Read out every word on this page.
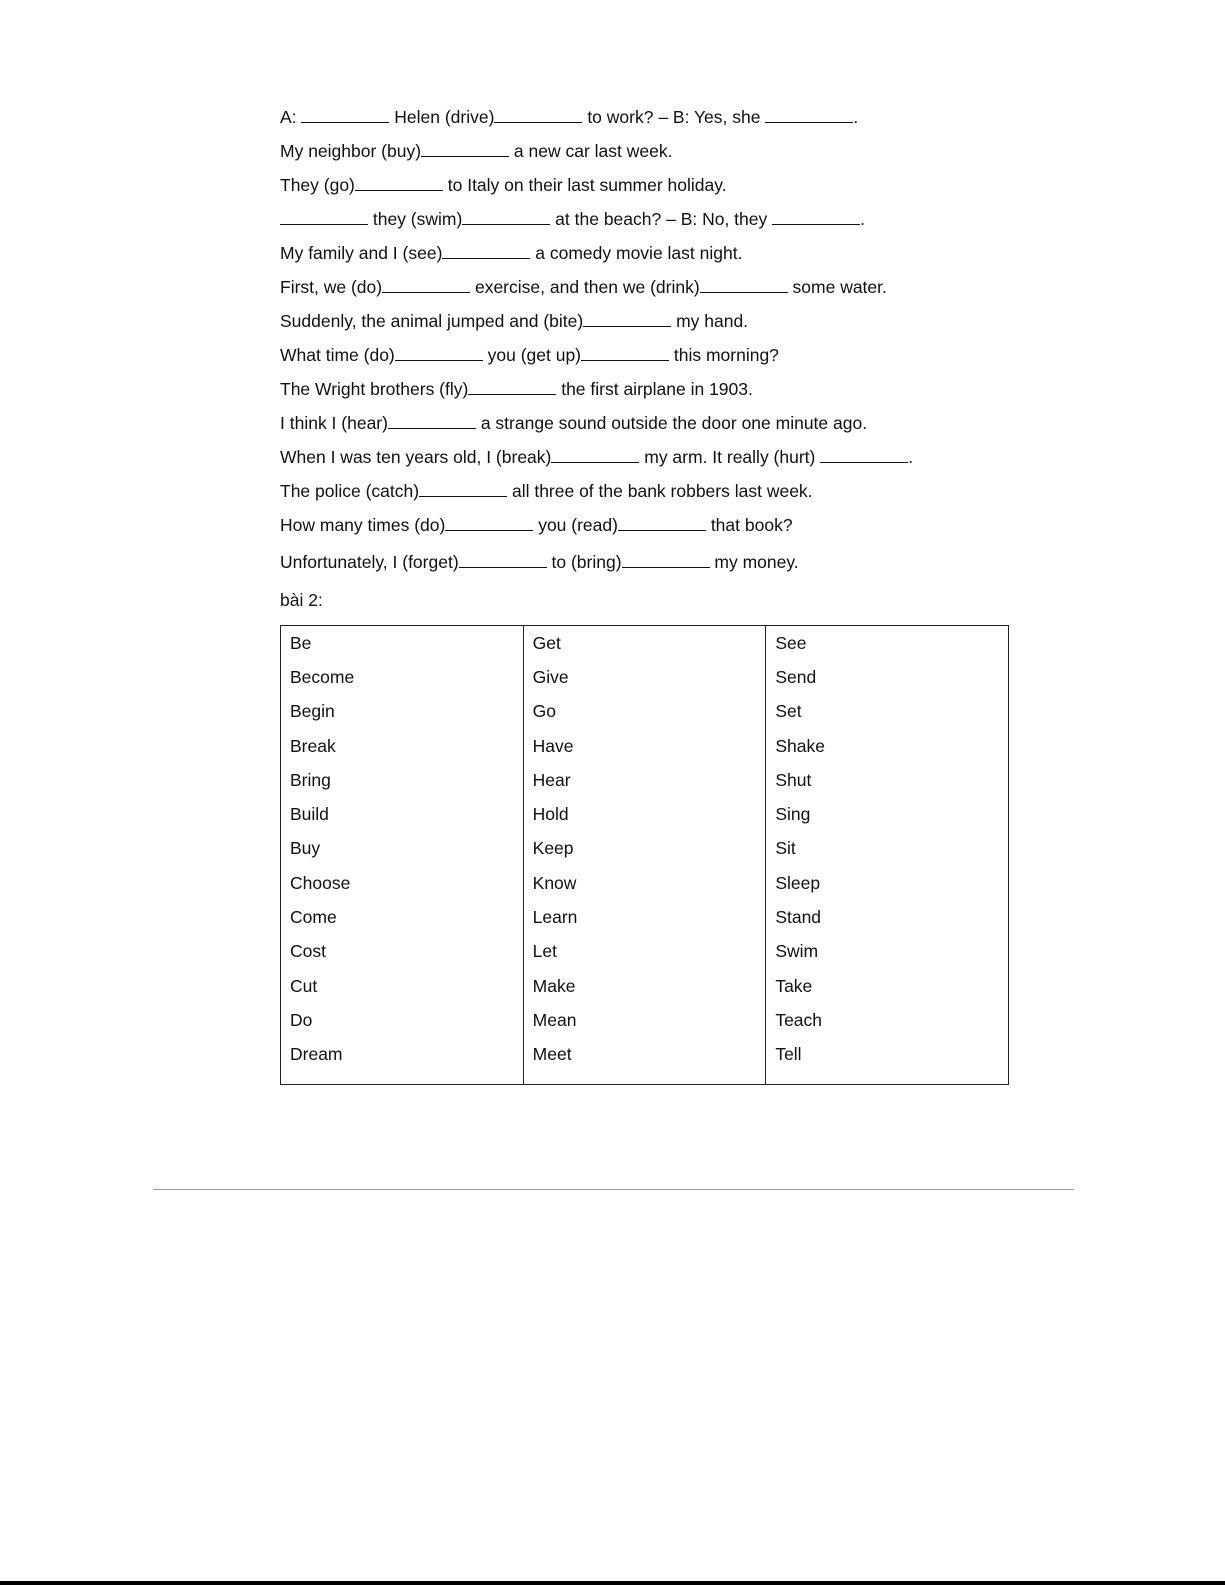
A:	Helen (drive)	to work? – B: Yes, she	.
My neighbor (buy)	a new car last week.
They (go)	to Italy on their last summer holiday.
they (swim)	at the beach? – B: No, they	.
My family and I (see)	a comedy movie last night.
First, we (do)	exercise, and then we (drink)	some water.
Suddenly, the animal jumped and (bite)	my hand.
What time (do)	you (get up)	this morning?
The Wright brothers (fly)	the first airplane in 1903.
I think I (hear)	a strange sound outside the door one minute ago.
When I was ten years old, I (break)	my arm. It really (hurt)	.
The police (catch)	all three of the bank robbers last week.
How many times (do)	you (read)	that book?
Unfortunately, I (forget)	to (bring)	my money.
bài 2:
Be	Get	See
Become	Give	Send
Begin	Go	Set
Break	Have	Shake
Bring	Hear	Shut
Build	Hold	Sing
Buy	Keep	Sit
Choose	Know	Sleep
Come	Learn	Stand
Cost	Let	Swim
Cut	Make	Take
Do	Mean	Teach
Dream	Meet	Tell
